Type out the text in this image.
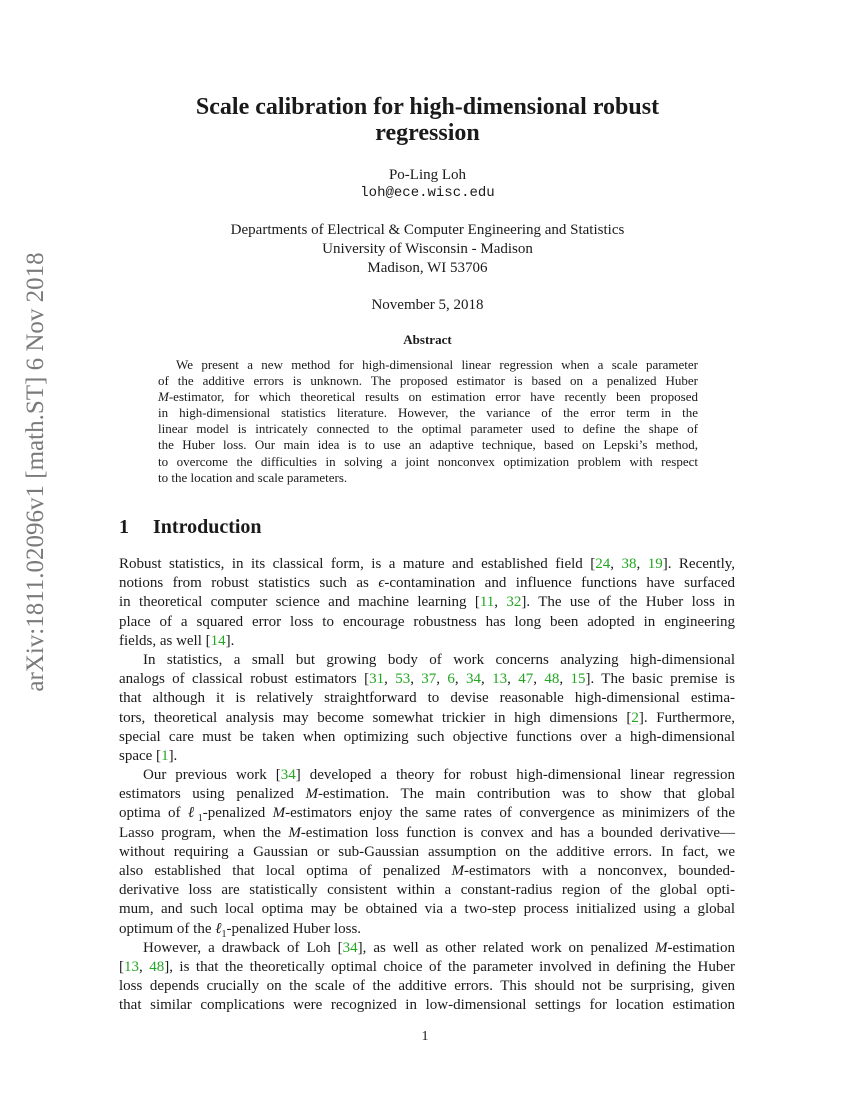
arXiv:1811.02096v1 [math.ST] 6 Nov 2018
Scale calibration for high-dimensional robust
regression
Po-Ling Loh
loh@ece.wisc.edu
Departments of Electrical & Computer Engineering and Statistics
University of Wisconsin - Madison
Madison, WI 53706
November 5, 2018
Abstract
We present a new method for high-dimensional linear regression when a scale parameter
of the additive errors is unknown. The proposed estimator is based on a penalized Huber
M-estimator, for which theoretical results on estimation error have recently been proposed
in high-dimensional statistics literature. However, the variance of the error term in the
linear model is intricately connected to the optimal parameter used to define the shape of
the Huber loss. Our main idea is to use an adaptive technique, based on Lepski’s method,
to overcome the difficulties in solving a joint nonconvex optimization problem with respect
to the location and scale parameters.
1 Introduction
Robust statistics, in its classical form, is a mature and established field [24, 38, 19]. Recently,
notions from robust statistics such as ϵ-contamination and influence functions have surfaced
in theoretical computer science and machine learning [11, 32]. The use of the Huber loss in
place of a squared error loss to encourage robustness has long been adopted in engineering
fields, as well [14].
In statistics, a small but growing body of work concerns analyzing high-dimensional
analogs of classical robust estimators [31, 53, 37, 6, 34, 13, 47, 48, 15]. The basic premise is
that although it is relatively straightforward to devise reasonable high-dimensional estima-
tors, theoretical analysis may become somewhat trickier in high dimensions [2]. Furthermore,
special care must be taken when optimizing such objective functions over a high-dimensional
space [1].
Our previous work [34] developed a theory for robust high-dimensional linear regression
estimators using penalized M-estimation. The main contribution was to show that global
optima of ℓ$_1$-penalized M-estimators enjoy the same rates of convergence as minimizers of the
Lasso program, when the M-estimation loss function is convex and has a bounded derivative—
without requiring a Gaussian or sub-Gaussian assumption on the additive errors. In fact, we
also established that local optima of penalized M-estimators with a nonconvex, bounded-
derivative loss are statistically consistent within a constant-radius region of the global opti-
mum, and such local optima may be obtained via a two-step process initialized using a global
optimum of the ℓ$_1$-penalized Huber loss.
However, a drawback of Loh [34], as well as other related work on penalized M-estimation
[13, 48], is that the theoretically optimal choice of the parameter involved in defining the Huber
loss depends crucially on the scale of the additive errors. This should not be surprising, given
that similar complications were recognized in low-dimensional settings for location estimation
1
